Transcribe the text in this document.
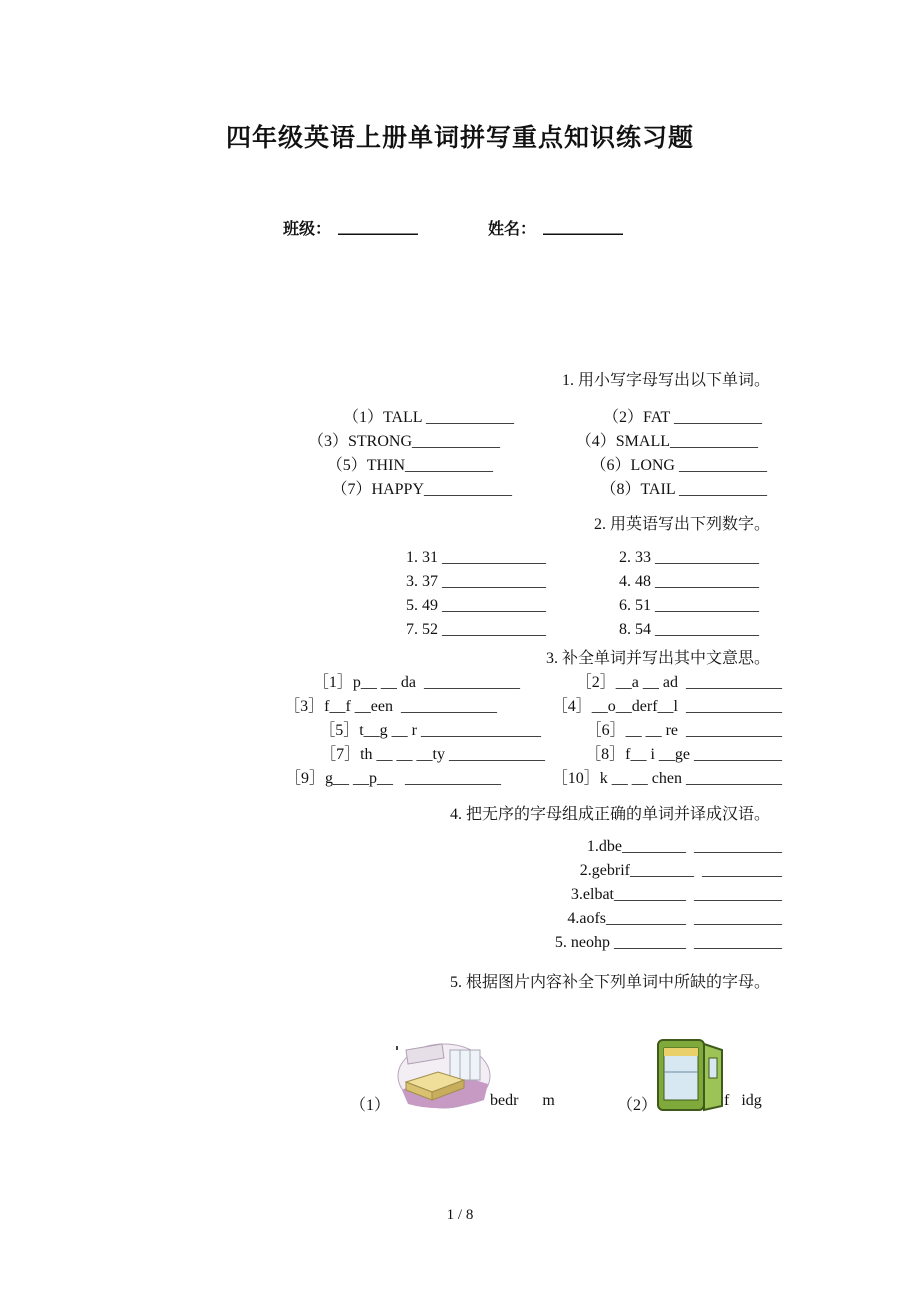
四年级英语上册单词拼写重点知识练习题
班级： __________	姓名： __________
1. 用小写字母写出以下单词。
（1）TALL ___________	（2）FAT ___________
（3）STRONG___________	（4）SMALL___________
（5）THIN___________	（6）LONG ___________
（7）HAPPY___________	（8）TAIL ___________
2. 用英语写出下列数字。
1. 31 _____________	2. 33 _____________
3. 37 _____________	4. 48 _____________
5. 49 _____________	6. 51 _____________
7. 52 _____________	8. 54 _____________
3. 补全单词并写出其中文意思。
［1］p__ __ da  ____________	［2］__a __ ad  ____________
［3］f__f __een  ____________	［4］__o__derf__l  ____________
［5］t__g __ r _______________	［6］__ __ re  ____________
［7］th __ __ __ty ____________	［8］f__ i __ge ___________
［9］g__ __p__   ____________	［10］k __ __ chen ____________
4. 把无序的字母组成正确的单词并译成汉语。
1.dbe________  ___________
2.gebrif________  __________
3.elbat_________  ___________
4.aofs__________  ___________
5. neohp _________  ___________
5. 根据图片内容补全下列单词中所缺的字母。
（1）	bedr      m	（2）	f   idg
1 / 8
